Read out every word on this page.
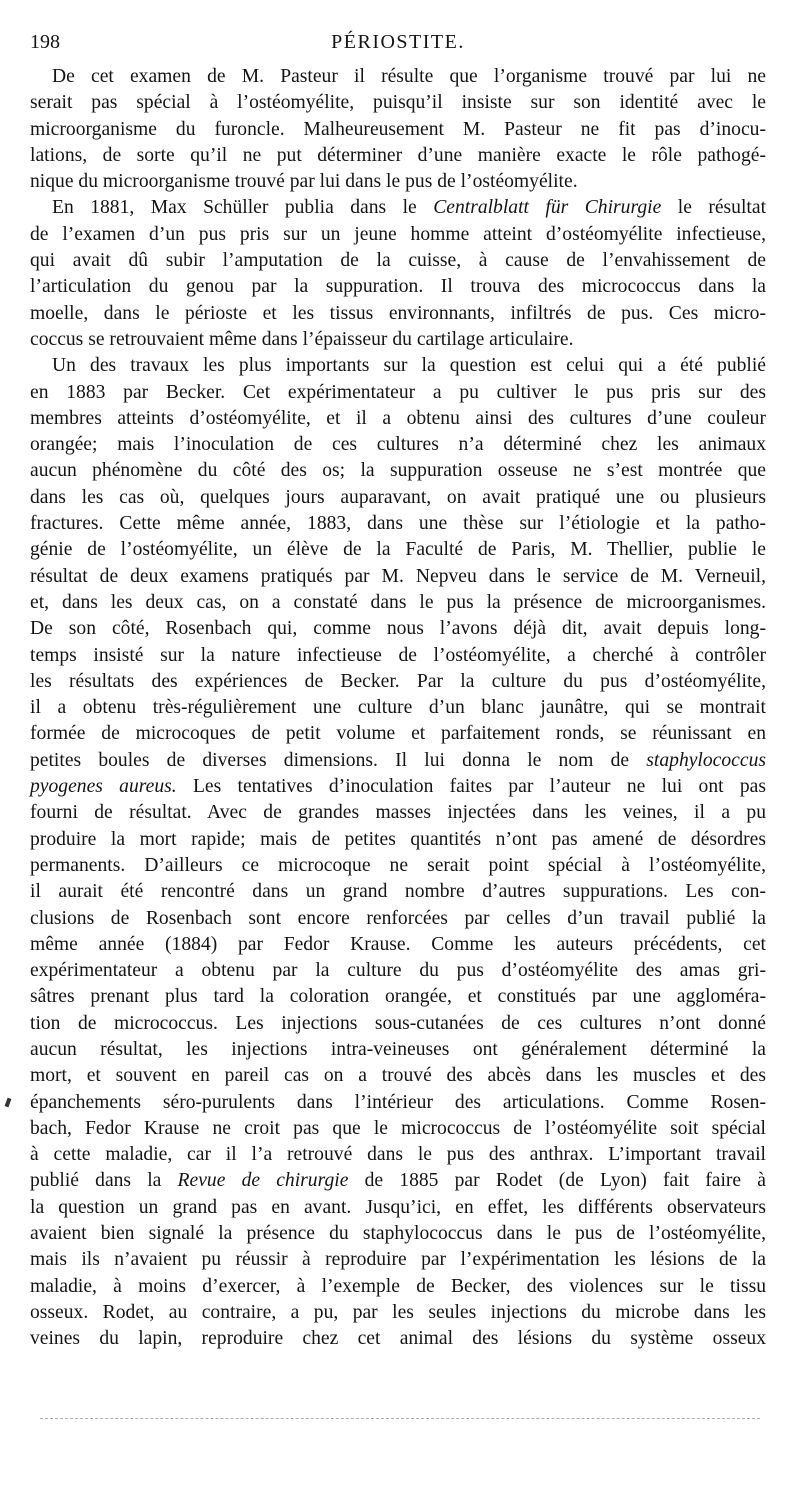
198	PÉRIOSTITE.
De cet examen de M. Pasteur il résulte que l’organisme trouvé par lui ne
serait pas spécial à l’ostéomyélite, puisqu’il insiste sur son identité avec le
microorganisme du furoncle. Malheureusement M. Pasteur ne fit pas d’inocu-
lations, de sorte qu’il ne put déterminer d’une manière exacte le rôle pathogé-
nique du microorganisme trouvé par lui dans le pus de l’ostéomyélite.
En 1881, Max Schüller publia dans le Centralblatt für Chirurgie le résultat
de l’examen d’un pus pris sur un jeune homme atteint d’ostéomyélite infectieuse,
qui avait dû subir l’amputation de la cuisse, à cause de l’envahissement de
l’articulation du genou par la suppuration. Il trouva des micrococcus dans la
moelle, dans le périoste et les tissus environnants, infiltrés de pus. Ces micro-
coccus se retrouvaient même dans l’épaisseur du cartilage articulaire.
Un des travaux les plus importants sur la question est celui qui a été publié
en 1883 par Becker. Cet expérimentateur a pu cultiver le pus pris sur des
membres atteints d’ostéomyélite, et il a obtenu ainsi des cultures d’une couleur
orangée; mais l’inoculation de ces cultures n’a déterminé chez les animaux
aucun phénomène du côté des os; la suppuration osseuse ne s’est montrée que
dans les cas où, quelques jours auparavant, on avait pratiqué une ou plusieurs
fractures. Cette même année, 1883, dans une thèse sur l’étiologie et la patho-
génie de l’ostéomyélite, un élève de la Faculté de Paris, M. Thellier, publie le
résultat de deux examens pratiqués par M. Nepveu dans le service de M. Verneuil,
et, dans les deux cas, on a constaté dans le pus la présence de microorganismes.
De son côté, Rosenbach qui, comme nous l’avons déjà dit, avait depuis long-
temps insisté sur la nature infectieuse de l’ostéomyélite, a cherché à contrôler
les résultats des expériences de Becker. Par la culture du pus d’ostéomyélite,
il a obtenu très-régulièrement une culture d’un blanc jaunâtre, qui se montrait
formée de microcoques de petit volume et parfaitement ronds, se réunissant en
petites boules de diverses dimensions. Il lui donna le nom de staphylococcus
pyogenes aureus. Les tentatives d’inoculation faites par l’auteur ne lui ont pas
fourni de résultat. Avec de grandes masses injectées dans les veines, il a pu
produire la mort rapide; mais de petites quantités n’ont pas amené de désordres
permanents. D’ailleurs ce microcoque ne serait point spécial à l’ostéomyélite,
il aurait été rencontré dans un grand nombre d’autres suppurations. Les con-
clusions de Rosenbach sont encore renforcées par celles d’un travail publié la
même année (1884) par Fedor Krause. Comme les auteurs précédents, cet
expérimentateur a obtenu par la culture du pus d’ostéomyélite des amas gri-
sâtres prenant plus tard la coloration orangée, et constitués par une aggloméra-
tion de micrococcus. Les injections sous-cutanées de ces cultures n’ont donné
aucun résultat, les injections intra-veineuses ont généralement déterminé la
mort, et souvent en pareil cas on a trouvé des abcès dans les muscles et des
épanchements séro-purulents dans l’intérieur des articulations. Comme Rosen-
bach, Fedor Krause ne croit pas que le micrococcus de l’ostéomyélite soit spécial
à cette maladie, car il l’a retrouvé dans le pus des anthrax. L’important travail
publié dans la Revue de chirurgie de 1885 par Rodet (de Lyon) fait faire à
la question un grand pas en avant. Jusqu’ici, en effet, les différents observateurs
avaient bien signalé la présence du staphylococcus dans le pus de l’ostéomyélite,
mais ils n’avaient pu réussir à reproduire par l’expérimentation les lésions de la
maladie, à moins d’exercer, à l’exemple de Becker, des violences sur le tissu
osseux. Rodet, au contraire, a pu, par les seules injections du microbe dans les
veines du lapin, reproduire chez cet animal des lésions du système osseux
